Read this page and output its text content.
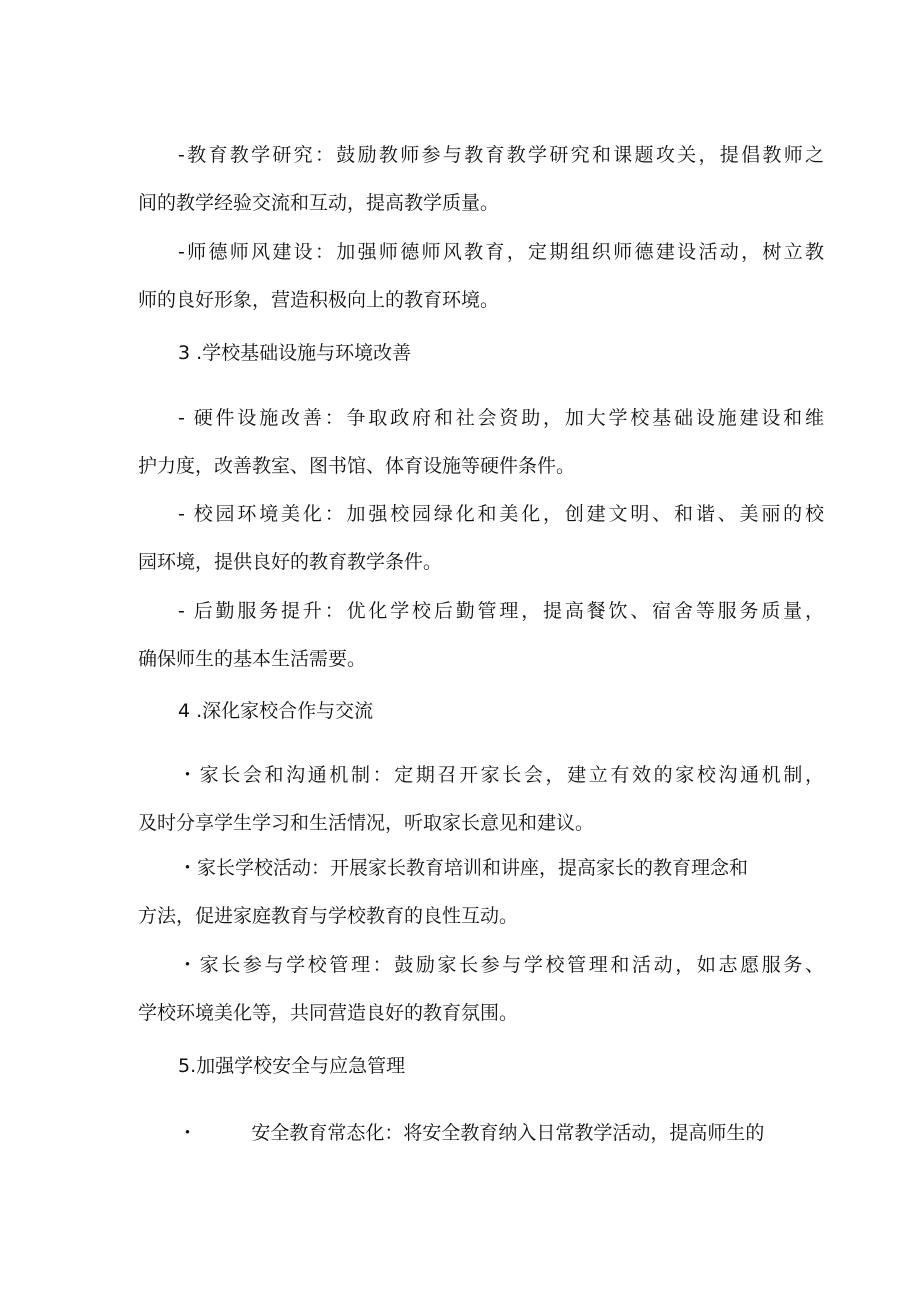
-教育教学研究：鼓励教师参与教育教学研究和课题攻关，提倡教师之
间的教学经验交流和互动，提高教学质量。
-师德师风建设：加强师德师风教育，定期组织师德建设活动，树立教
师的良好形象，营造积极向上的教育环境。
3 .学校基础设施与环境改善
- 硬件设施改善：争取政府和社会资助，加大学校基础设施建设和维
护力度，改善教室、图书馆、体育设施等硬件条件。
- 校园环境美化：加强校园绿化和美化，创建文明、和谐、美丽的校
园环境，提供良好的教育教学条件。
- 后勤服务提升：优化学校后勤管理，提高餐饮、宿舍等服务质量，
确保师生的基本生活需要。
4 .深化家校合作与交流
・家长会和沟通机制：定期召开家长会，建立有效的家校沟通机制，
及时分享学生学习和生活情况，听取家长意见和建议。
・家长学校活动：开展家长教育培训和讲座，提高家长的教育理念和
方法，促进家庭教育与学校教育的良性互动。
・家长参与学校管理：鼓励家长参与学校管理和活动，如志愿服务、
学校环境美化等，共同营造良好的教育氛围。
5.加强学校安全与应急管理
・         安全教育常态化：将安全教育纳入日常教学活动，提高师生的
